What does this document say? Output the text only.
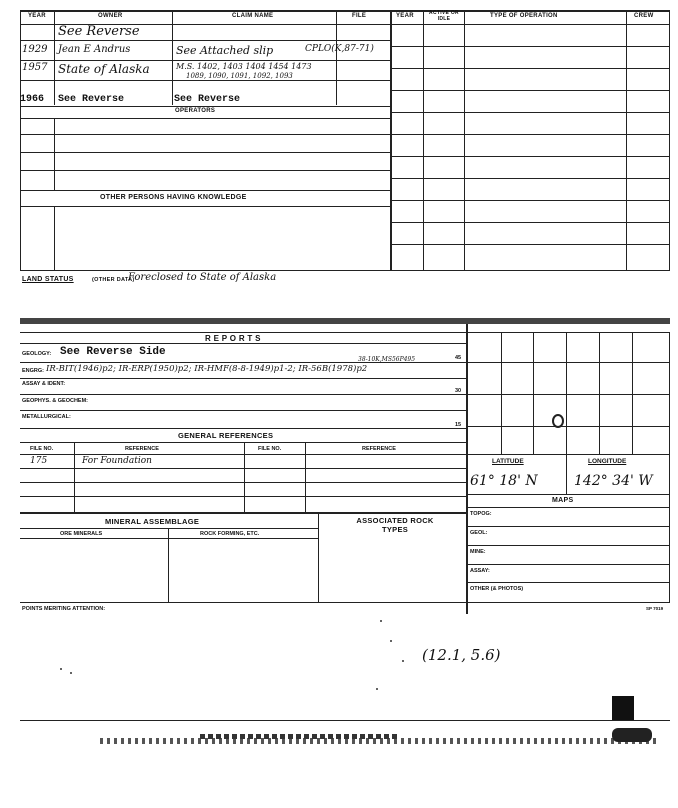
YEAR	OWNER	CLAIM NAME	FILE
See Reverse
1929 Jean E Andrus	See Attached slip	CPLO(K,87-71)
1957 State of Alaska	M.S. 1402, 1403 1404 1454 1473
1089, 1090, 1091, 1092, 1093
1966 See Reverse	See Reverse
OPERATORS
OTHER PERSONS HAVING KNOWLEDGE
YEAR	ACTIVE OR IDLE	TYPE OF OPERATION	CREW
LAND STATUS	(OTHER DATA)
Foreclosed to State of Alaska
R E P O R T S
GEOLOGY: See Reverse Side	45
ENGRG: IR-BIT(1946)p2; IR-ERP(1950)p2; IR-HMF(8-8-1949)p1-2; IR-56B(1978)p2
38-10K,MS56P495
ASSAY & IDENT:
30
GEOPHYS. & GEOCHEM:
METALLURGICAL:
15
GENERAL REFERENCES
FILE NO.	REFERENCE	FILE NO.	REFERENCE
175	For Foundation
MINERAL ASSEMBLAGE
ORE MINERALS	ROCK FORMING, ETC.
ASSOCIATED ROCK TYPES
LATITUDE	LONGITUDE
61° 18' N	142° 34' W
MAPS
TOPOG:
GEOL:
MINE:
ASSAY:
OTHER (& PHOTOS)
POINTS MERITING ATTENTION:	SP 7019
(12.1, 5.6)
